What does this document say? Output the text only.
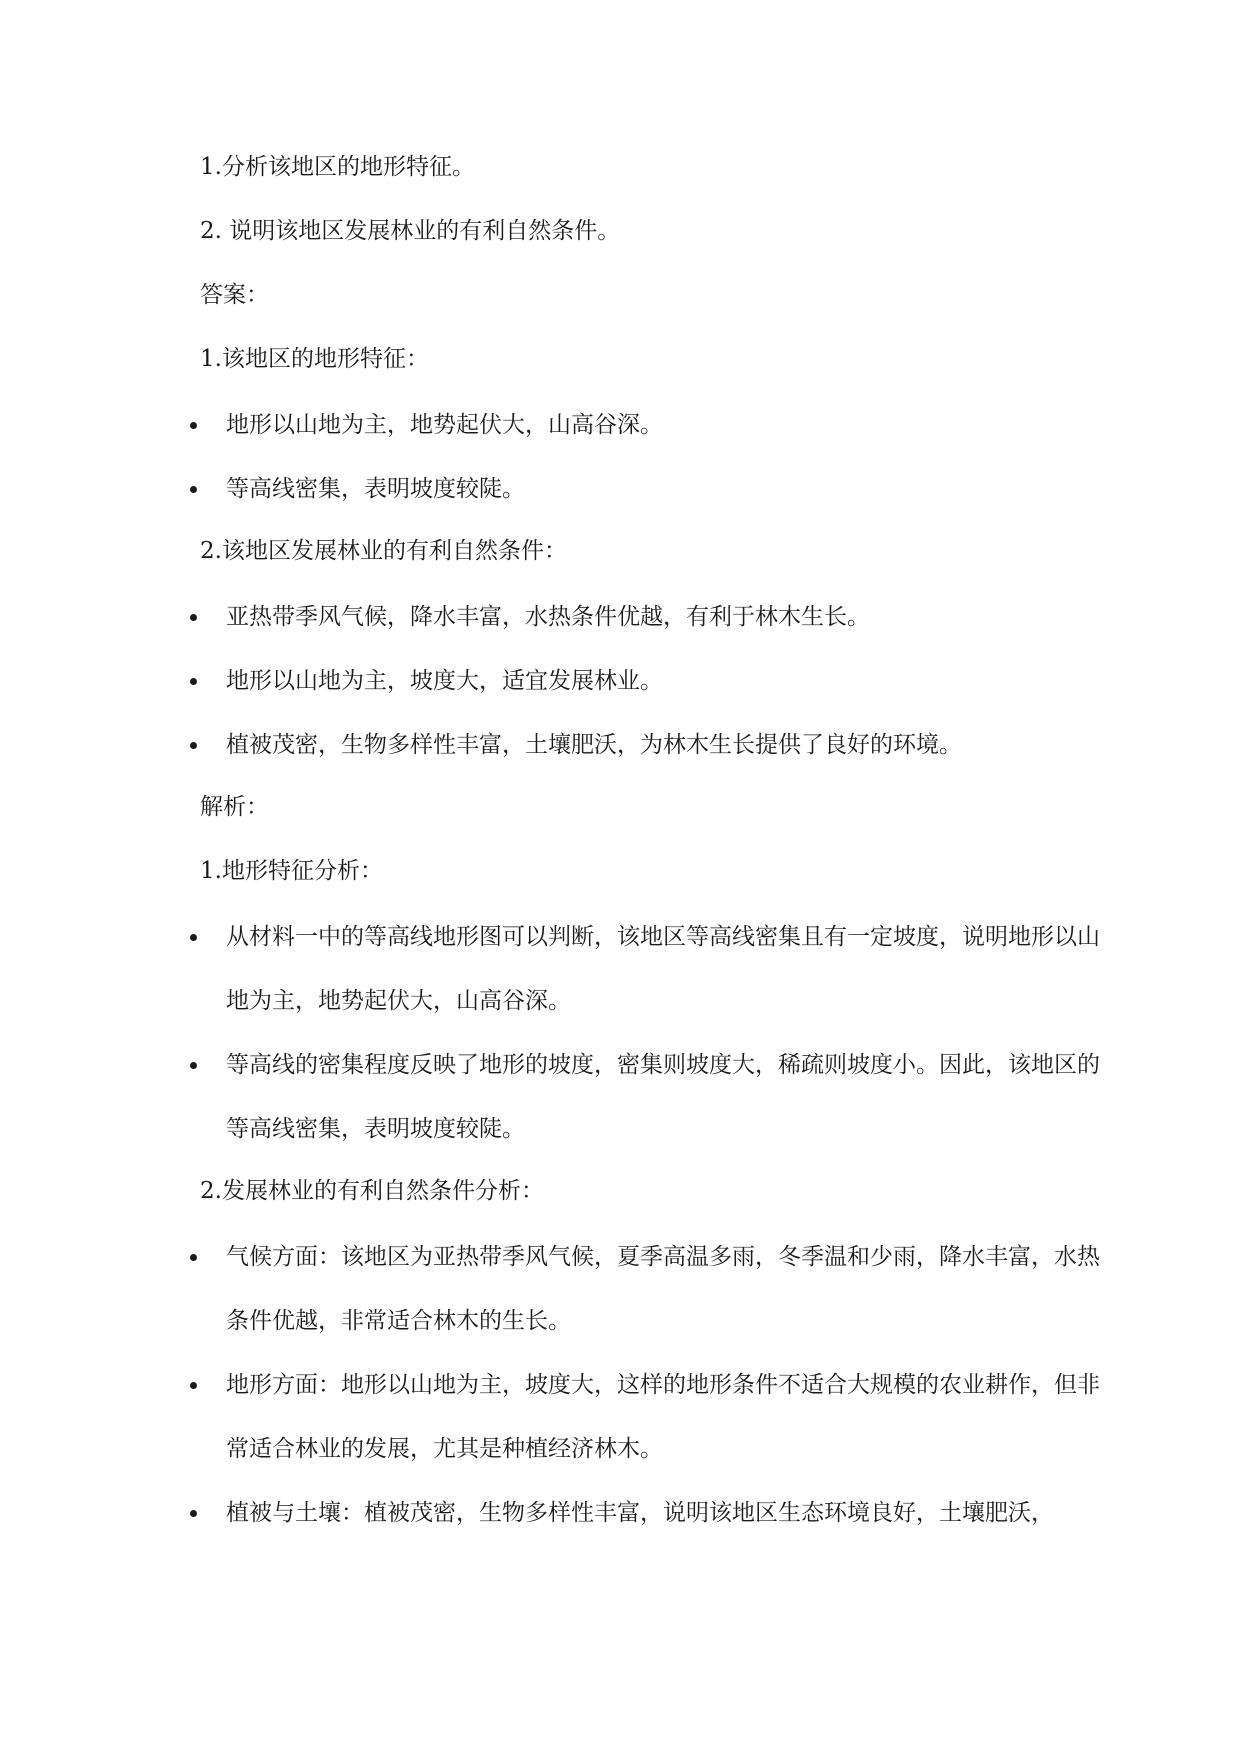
1.分析该地区的地形特征。
2. 说明该地区发展林业的有利自然条件。
答案：
1.该地区的地形特征：
地形以山地为主，地势起伏大，山高谷深。
等高线密集，表明坡度较陡。
2.该地区发展林业的有利自然条件：
亚热带季风气候，降水丰富，水热条件优越，有利于林木生长。
地形以山地为主，坡度大，适宜发展林业。
植被茂密，生物多样性丰富，土壤肥沃，为林木生长提供了良好的环境。
解析：
1.地形特征分析：
从材料一中的等高线地形图可以判断，该地区等高线密集且有一定坡度，说明地形以山地为主，地势起伏大，山高谷深。
等高线的密集程度反映了地形的坡度，密集则坡度大，稀疏则坡度小。因此，该地区的等高线密集，表明坡度较陡。
2.发展林业的有利自然条件分析：
气候方面：该地区为亚热带季风气候，夏季高温多雨，冬季温和少雨，降水丰富，水热条件优越，非常适合林木的生长。
地形方面：地形以山地为主，坡度大，这样的地形条件不适合大规模的农业耕作，但非常适合林业的发展，尤其是种植经济林木。
植被与土壤：植被茂密，生物多样性丰富，说明该地区生态环境良好，土壤肥沃，
